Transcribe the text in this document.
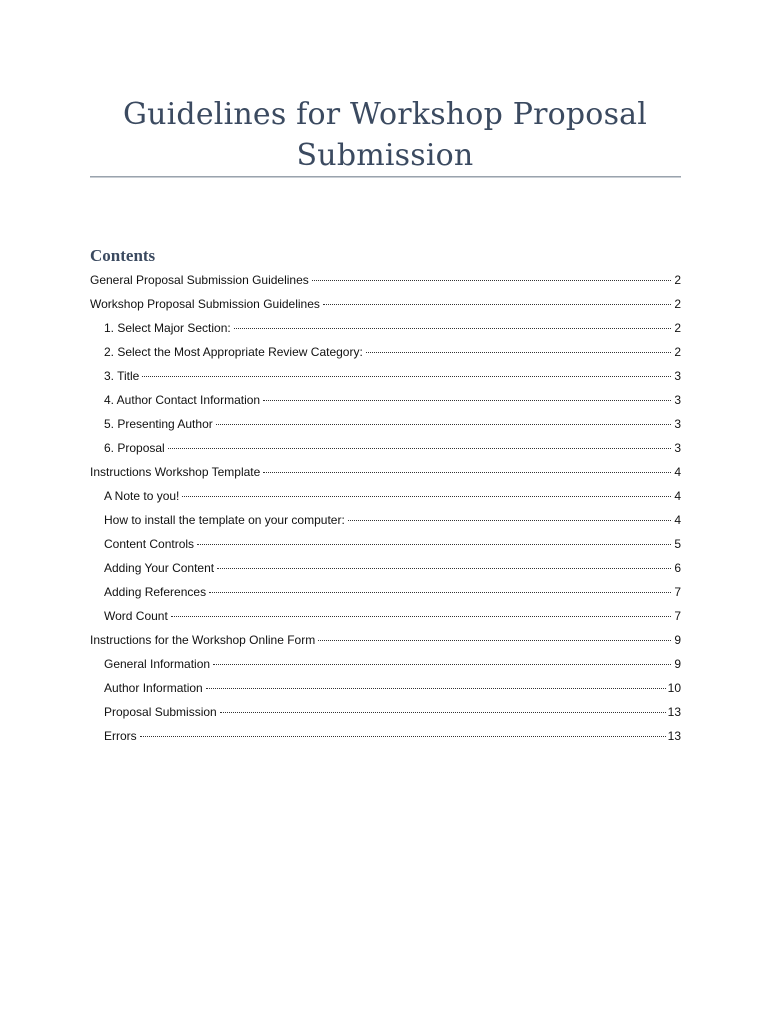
Guidelines for Workshop Proposal Submission
Contents
General Proposal Submission Guidelines	2
Workshop Proposal Submission Guidelines	2
1. Select Major Section:	2
2. Select the Most Appropriate Review Category:	2
3. Title	3
4. Author Contact Information	3
5. Presenting Author	3
6. Proposal	3
Instructions Workshop Template	4
A Note to you!	4
How to install the template on your computer:	4
Content Controls	5
Adding Your Content	6
Adding References	7
Word Count	7
Instructions for the Workshop Online Form	9
General Information	9
Author Information	10
Proposal Submission	13
Errors	13
